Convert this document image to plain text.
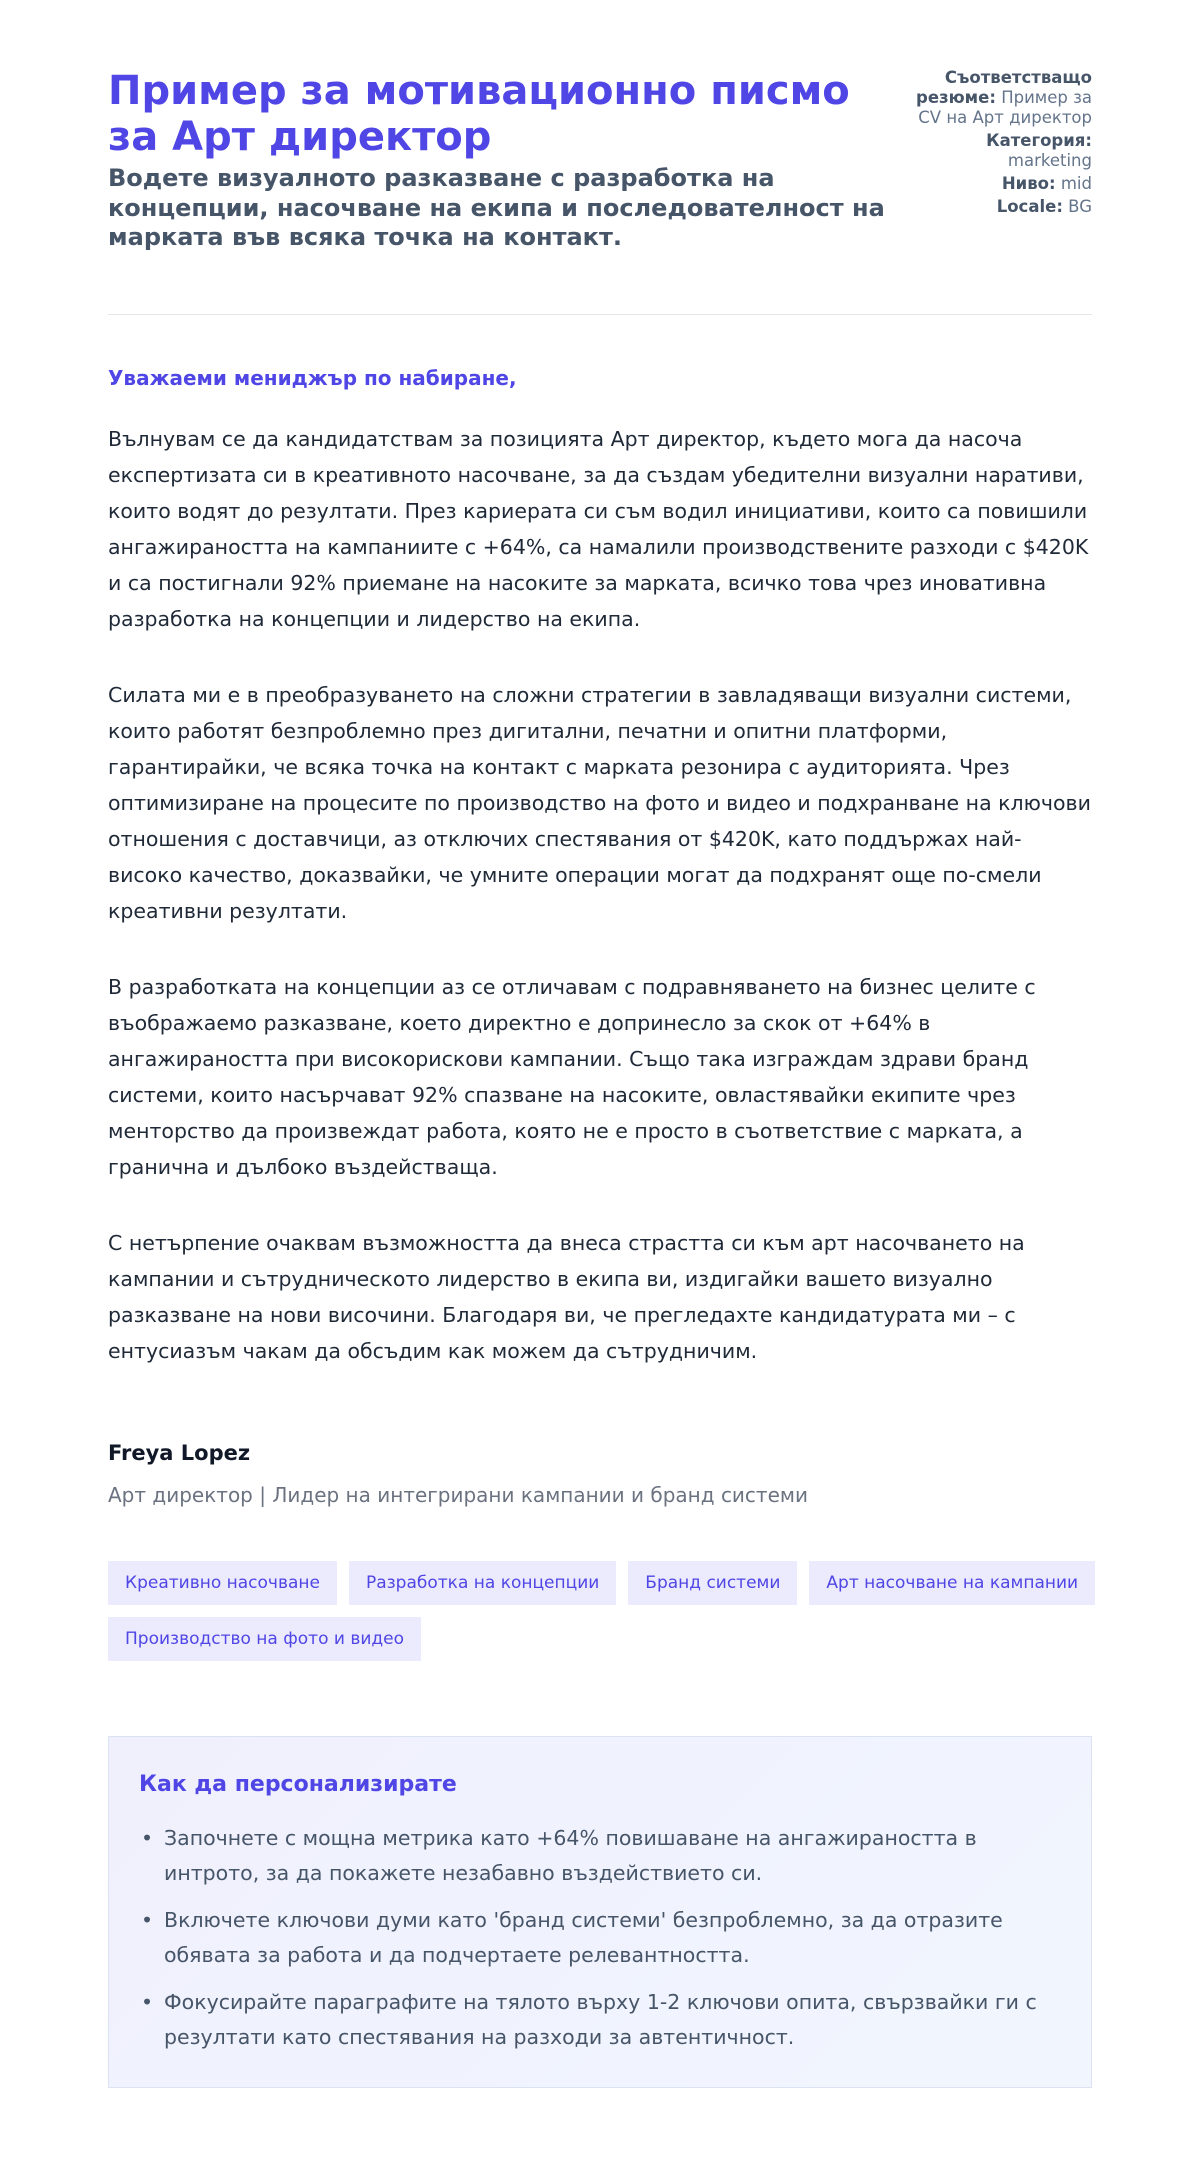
Пример за мотивационно писмо за Арт директор
Водете визуалното разказване с разработка на концепции, насочване на екипа и последователност на марката във всяка точка на контакт.
Съответстващо резюме: Пример за CV на Арт директор
Категория:
marketing
Ниво: mid
Locale: BG

Уважаеми мениджър по набиране,

Вълнувам се да кандидатствам за позицията Арт директор, където мога да насоча експертизата си в креативното насочване, за да създам убедителни визуални наративи, които водят до резултати. През кариерата си съм водил инициативи, които са повишили ангажираността на кампаниите с +64%, са намалили производствените разходи с $420K и са постигнали 92% приемане на насоките за марката, всичко това чрез иновативна разработка на концепции и лидерство на екипа.

Силата ми е в преобразуването на сложни стратегии в завладяващи визуални системи, които работят безпроблемно през дигитални, печатни и опитни платформи, гарантирайки, че всяка точка на контакт с марката резонира с аудиторията. Чрез оптимизиране на процесите по производство на фото и видео и подхранване на ключови отношения с доставчици, аз отключих спестявания от $420K, като поддържах най-високо качество, доказвайки, че умните операции могат да подхранят още по-смели креативни резултати.

В разработката на концепции аз се отличавам с подравняването на бизнес целите с въображаемо разказване, което директно е допринесло за скок от +64% в ангажираността при високорискови кампании. Също така изграждам здрави бранд системи, които насърчават 92% спазване на насоките, овластявайки екипите чрез менторство да произвеждат работа, която не е просто в съответствие с марката, а гранична и дълбоко въздействаща.

С нетърпение очаквам възможността да внеса страстта си към арт насочването на кампании и сътрудническото лидерство в екипа ви, издигайки вашето визуално разказване на нови височини. Благодаря ви, че прегледахте кандидатурата ми – с ентусиазъм чакам да обсъдим как можем да сътрудничим.

Freya Lopez
Арт директор | Лидер на интегрирани кампании и бранд системи
Креативно насочване	Разработка на концепции	Бранд системи	Арт насочване на кампании
Производство на фото и видео
Как да персонализирате
• Започнете с мощна метрика като +64% повишаване на ангажираността в интрото, за да покажете незабавно въздействието си.
• Включете ключови думи като 'бранд системи' безпроблемно, за да отразите обявата за работа и да подчертаете релевантността.
• Фокусирайте параграфите на тялото върху 1-2 ключови опита, свързвайки ги с резултати като спестявания на разходи за автентичност.
